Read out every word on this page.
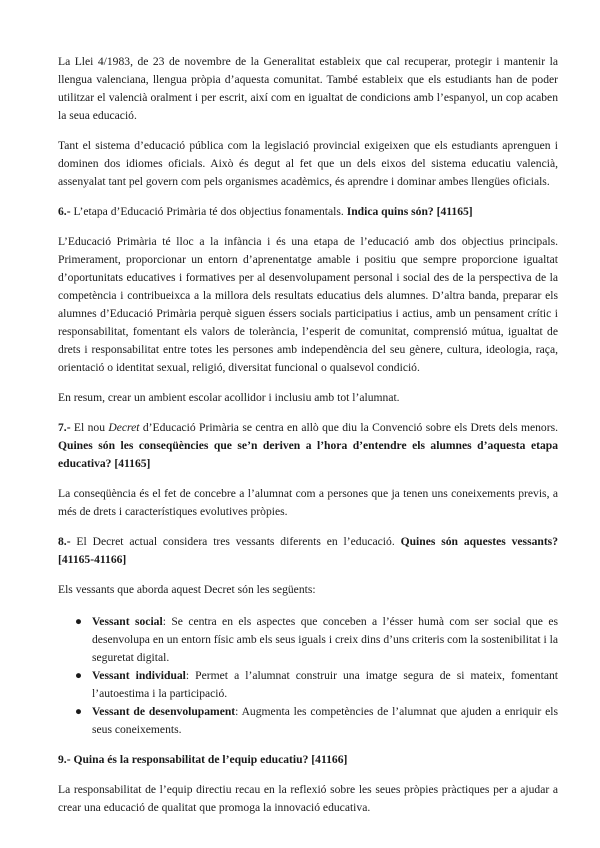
La Llei 4/1983, de 23 de novembre de la Generalitat estableix que cal recuperar, protegir i mantenir la llengua valenciana, llengua pròpia d’aquesta comunitat. També estableix que els estudiants han de poder utilitzar el valencià oralment i per escrit, així com en igualtat de condicions amb l’espanyol, un cop acaben la seua educació.

Tant el sistema d’educació pública com la legislació provincial exigeixen que els estudiants aprenguen i dominen dos idiomes oficials. Això és degut al fet que un dels eixos del sistema educatiu valencià, assenyalat tant pel govern com pels organismes acadèmics, és aprendre i dominar ambes llengües oficials.

6.- L’etapa d’Educació Primària té dos objectius fonamentals. Indica quins són? [41165]

L’Educació Primària té lloc a la infància i és una etapa de l’educació amb dos objectius principals. Primerament, proporcionar un entorn d’aprenentatge amable i positiu que sempre proporcione igualtat d’oportunitats educatives i formatives per al desenvolupament personal i social des de la perspectiva de la competència i contribueixca a la millora dels resultats educatius dels alumnes. D’altra banda, preparar els alumnes d’Educació Primària perquè siguen éssers socials participatius i actius, amb un pensament crític i responsabilitat, fomentant els valors de tolerància, l’esperit de comunitat, comprensió mútua, igualtat de drets i responsabilitat entre totes les persones amb independència del seu gènere, cultura, ideologia, raça, orientació o identitat sexual, religió, diversitat funcional o qualsevol condició.

En resum, crear un ambient escolar acollidor i inclusiu amb tot l’alumnat.

7.- El nou Decret d’Educació Primària se centra en allò que diu la Convenció sobre els Drets dels menors. Quines són les conseqüències que se’n deriven a l’hora d’entendre els alumnes d’aquesta etapa educativa? [41165]

La conseqüència és el fet de concebre a l’alumnat com a persones que ja tenen uns coneixements previs, a més de drets i característiques evolutives pròpies.

8.- El Decret actual considera tres vessants diferents en l’educació. Quines són aquestes vessants? [41165-41166]

Els vessants que aborda aquest Decret són les següents:

● Vessant social: Se centra en els aspectes que conceben a l’ésser humà com ser social que es desenvolupa en un entorn físic amb els seus iguals i creix dins d’uns criteris com la sostenibilitat i la seguretat digital.
● Vessant individual: Permet a l’alumnat construir una imatge segura de si mateix, fomentant l’autoestima i la participació.
● Vessant de desenvolupament: Augmenta les competències de l’alumnat que ajuden a enriquir els seus coneixements.

9.- Quina és la responsabilitat de l’equip educatiu? [41166]

La responsabilitat de l’equip directiu recau en la reflexió sobre les seues pròpies pràctiques per a ajudar a crear una educació de qualitat que promoga la innovació educativa.
